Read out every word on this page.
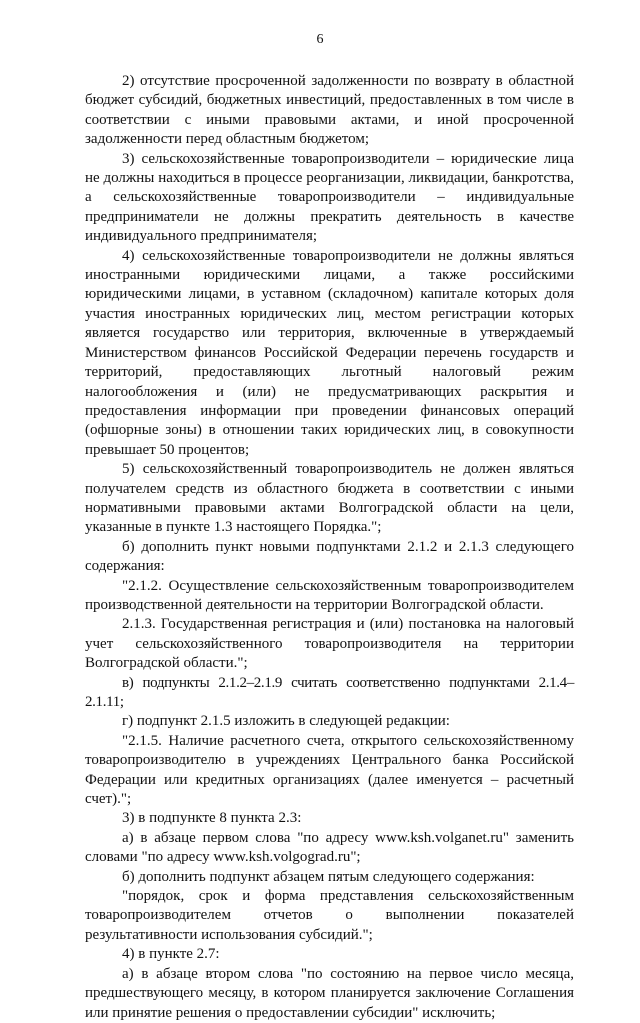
6

2) отсутствие просроченной задолженности по возврату в областной бюджет субсидий, бюджетных инвестиций, предоставленных в том числе в соответствии с иными правовыми актами, и иной просроченной задолженности перед областным бюджетом;

3) сельскохозяйственные товаропроизводители – юридические лица не должны находиться в процессе реорганизации, ликвидации, банкротства, а сельскохозяйственные товаропроизводители – индивидуальные предприниматели не должны прекратить деятельность в качестве индивидуального предпринимателя;

4) сельскохозяйственные товаропроизводители не должны являться иностранными юридическими лицами, а также российскими юридическими лицами, в уставном (складочном) капитале которых доля участия иностранных юридических лиц, местом регистрации которых является государство или территория, включенные в утверждаемый Министерством финансов Российской Федерации перечень государств и территорий, предоставляющих льготный налоговый режим налогообложения и (или) не предусматривающих раскрытия и предоставления информации при проведении финансовых операций (офшорные зоны) в отношении таких юридических лиц, в совокупности превышает 50 процентов;

5) сельскохозяйственный товаропроизводитель не должен являться получателем средств из областного бюджета в соответствии с иными нормативными правовыми актами Волгоградской области на цели, указанные в пункте 1.3 настоящего Порядка.";

б) дополнить пункт новыми подпунктами 2.1.2 и 2.1.3 следующего содержания:

"2.1.2. Осуществление сельскохозяйственным товаропроизводителем производственной деятельности на территории Волгоградской области.

2.1.3. Государственная регистрация и (или) постановка на налоговый учет сельскохозяйственного товаропроизводителя на территории Волгоградской области.";

в) подпункты 2.1.2–2.1.9 считать соответственно подпунктами 2.1.4–2.1.11;

г) подпункт 2.1.5 изложить в следующей редакции:

"2.1.5. Наличие расчетного счета, открытого сельскохозяйственному товаропроизводителю в учреждениях Центрального банка Российской Федерации или кредитных организациях (далее именуется – расчетный счет).";

3) в подпункте 8 пункта 2.3:

а) в абзаце первом слова "по адресу www.ksh.volganet.ru" заменить словами "по адресу www.ksh.volgograd.ru";

б) дополнить подпункт абзацем пятым следующего содержания:

"порядок, срок и форма представления сельскохозяйственным товаропроизводителем отчетов о выполнении показателей результативности использования субсидий.";

4) в пункте 2.7:

а) в абзаце втором слова "по состоянию на первое число месяца, предшествующего месяцу, в котором планируется заключение Соглашения или принятие решения о предоставлении субсидии" исключить;
